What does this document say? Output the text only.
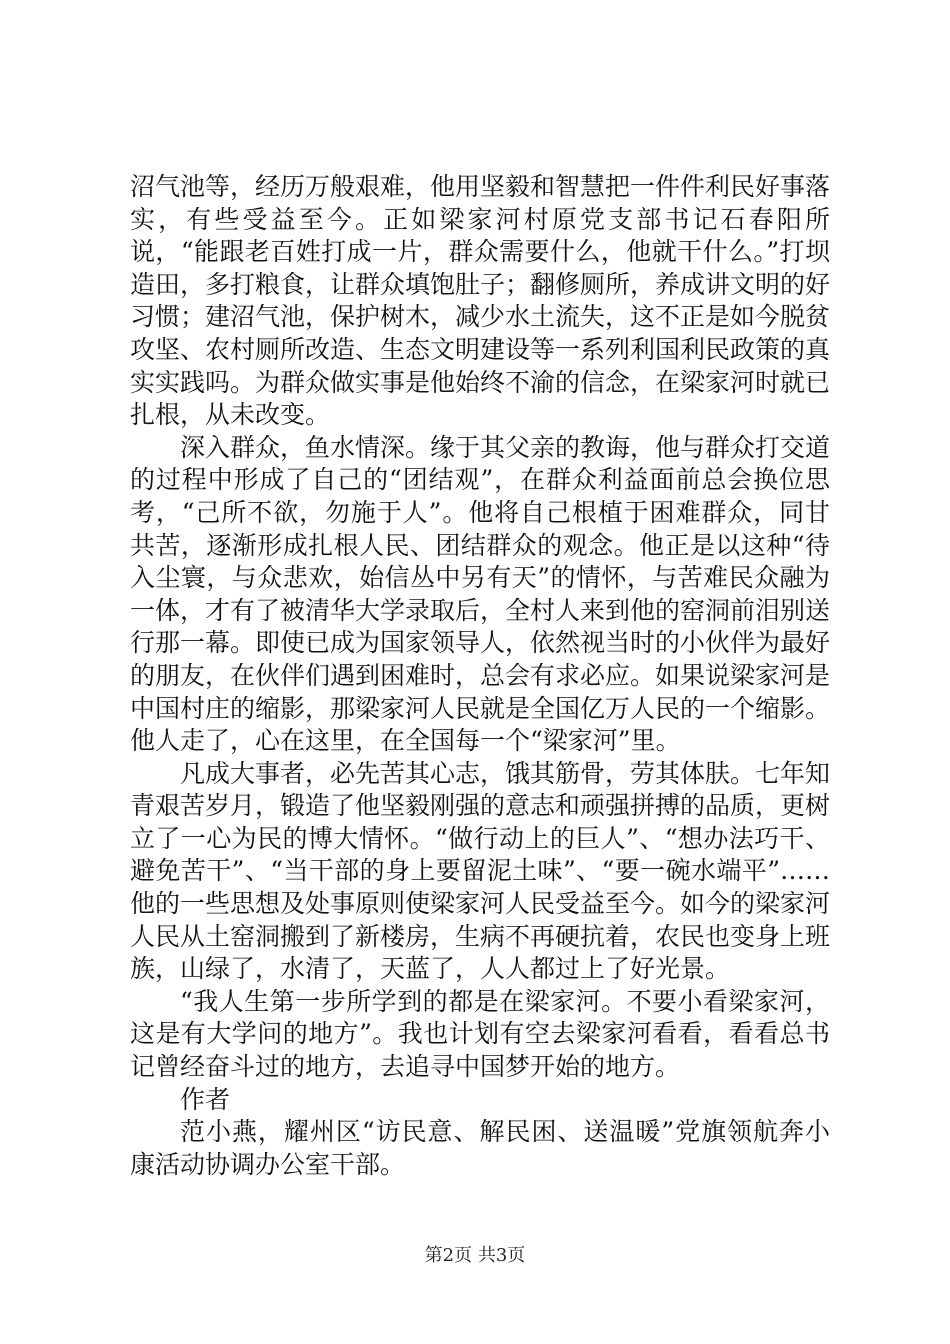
沼气池等，经历万般艰难，他用坚毅和智慧把一件件利民好事落实，有些受益至今。正如梁家河村原党支部书记石春阳所说，“能跟老百姓打成一片，群众需要什么，他就干什么。”打坝造田，多打粮食，让群众填饱肚子；翻修厕所，养成讲文明的好习惯；建沼气池，保护树木，减少水土流失，这不正是如今脱贫攻坚、农村厕所改造、生态文明建设等一系列利国利民政策的真实实践吗。为群众做实事是他始终不渝的信念，在梁家河时就已扎根，从未改变。

深入群众，鱼水情深。缘于其父亲的教诲，他与群众打交道的过程中形成了自己的“团结观”，在群众利益面前总会换位思考，“己所不欲，勿施于人”。他将自己根植于困难群众，同甘共苦，逐渐形成扎根人民、团结群众的观念。他正是以这种“待入尘寰，与众悲欢，始信丛中另有天”的情怀，与苦难民众融为一体，才有了被清华大学录取后，全村人来到他的窑洞前泪别送行那一幕。即使已成为国家领导人，依然视当时的小伙伴为最好的朋友，在伙伴们遇到困难时，总会有求必应。如果说梁家河是中国村庄的缩影，那梁家河人民就是全国亿万人民的一个缩影。他人走了，心在这里，在全国每一个“梁家河”里。

凡成大事者，必先苦其心志，饿其筋骨，劳其体肤。七年知青艰苦岁月，锻造了他坚毅刚强的意志和顽强拼搏的品质，更树立了一心为民的博大情怀。“做行动上的巨人”、“想办法巧干、避免苦干”、“当干部的身上要留泥土味”、“要一碗水端平”……他的一些思想及处事原则使梁家河人民受益至今。如今的梁家河人民从土窑洞搬到了新楼房，生病不再硬抗着，农民也变身上班族，山绿了，水清了，天蓝了，人人都过上了好光景。

“我人生第一步所学到的都是在梁家河。不要小看梁家河，这是有大学问的地方”。我也计划有空去梁家河看看，看看总书记曾经奋斗过的地方，去追寻中国梦开始的地方。

作者

范小燕，耀州区“访民意、解民困、送温暖”党旗领航奔小康活动协调办公室干部。

第2页 共3页
